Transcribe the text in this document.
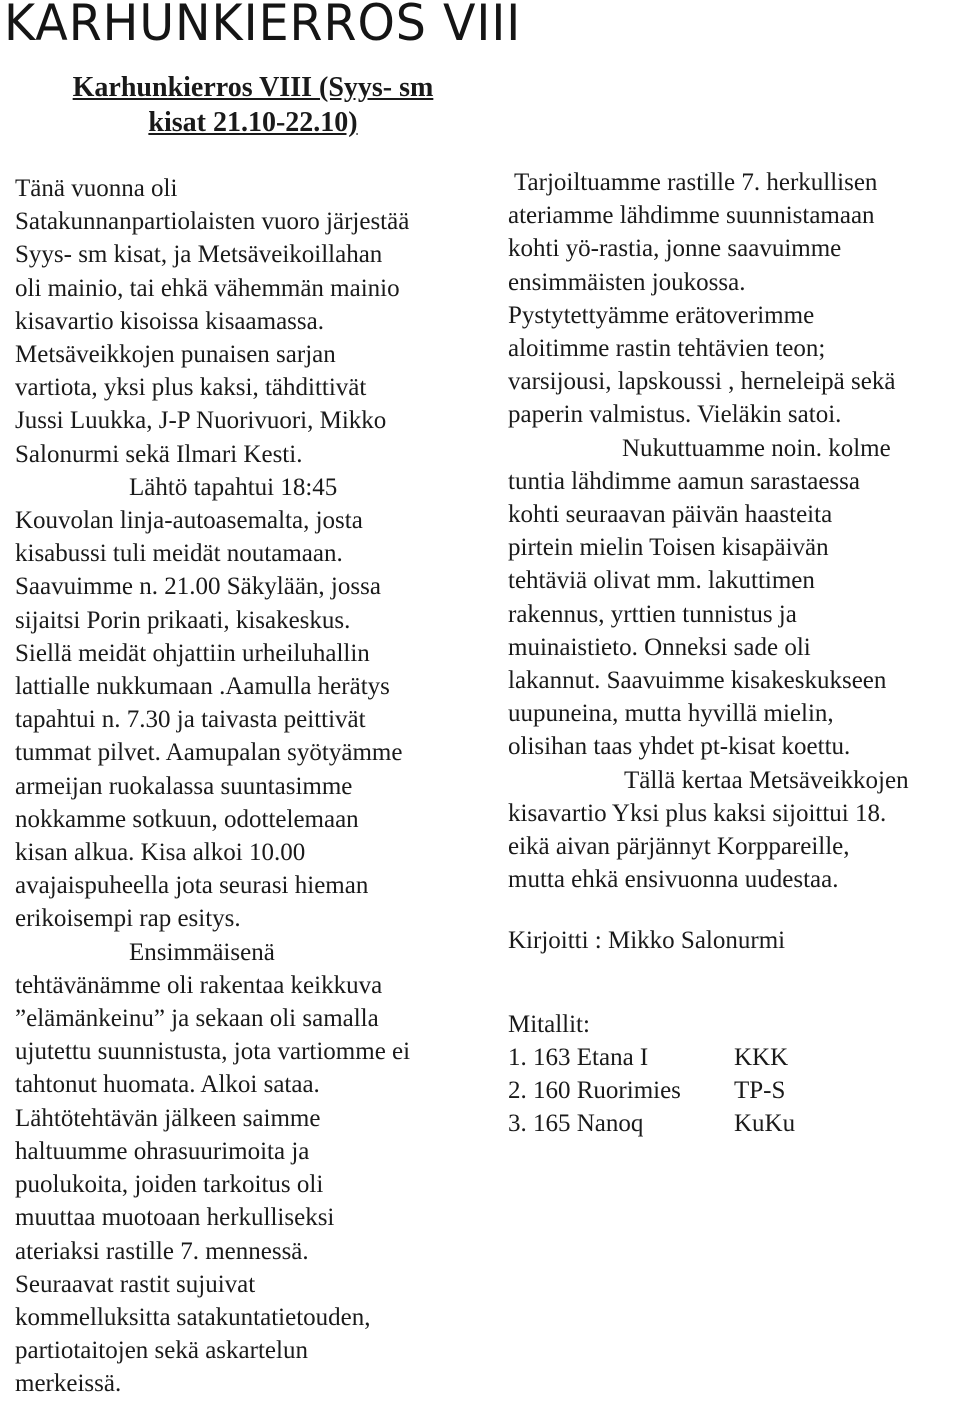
KARHUNKIERROS VIII
Karhunkierros VIII (Syys- sm
kisat 21.10-22.10)
Tänä vuonna oli
Satakunnanpartiolaisten vuoro järjestää
Syys- sm kisat, ja Metsäveikoillahan
oli mainio, tai ehkä vähemmän mainio
kisavartio kisoissa kisaamassa.
Metsäveikkojen punaisen sarjan
vartiota, yksi plus kaksi, tähdittivät
Jussi Luukka, J-P Nuorivuori, Mikko
Salonurmi sekä Ilmari Kesti.
Lähtö tapahtui 18:45
Kouvolan linja-autoasemalta, josta
kisabussi tuli meidät noutamaan.
Saavuimme n. 21.00 Säkylään, jossa
sijaitsi Porin prikaati, kisakeskus.
Siellä meidät ohjattiin urheiluhallin
lattialle nukkumaan .Aamulla herätys
tapahtui n. 7.30 ja taivasta peittivät
tummat pilvet. Aamupalan syötyämme
armeijan ruokalassa suuntasimme
nokkamme sotkuun, odottelemaan
kisan alkua. Kisa alkoi 10.00
avajaispuheella jota seurasi hieman
erikoisempi rap esitys.
Ensimmäisenä
tehtävänämme oli rakentaa keikkuva
”elämänkeinu” ja sekaan oli samalla
ujutettu suunnistusta, jota vartiomme ei
tahtonut huomata. Alkoi sataa.
Lähtötehtävän jälkeen saimme
haltuumme ohrasuurimoita ja
puolukoita, joiden tarkoitus oli
muuttaa muotoaan herkulliseksi
ateriaksi rastille 7. mennessä.
Seuraavat rastit sujuivat
kommelluksitta satakuntatietouden,
partiotaitojen sekä askartelun
merkeissä.
Tarjoiltuamme rastille 7. herkullisen
ateriamme lähdimme suunnistamaan
kohti yö-rastia, jonne saavuimme
ensimmäisten joukossa.
Pystytettyämme erätoverimme
aloitimme rastin tehtävien teon;
varsijousi, lapskoussi , herneleipä sekä
paperin valmistus. Vieläkin satoi.
Nukuttuamme noin. kolme
tuntia lähdimme aamun sarastaessa
kohti seuraavan päivän haasteita
pirtein mielin Toisen kisapäivän
tehtäviä olivat mm. lakuttimen
rakennus, yrttien tunnistus ja
muinaistieto. Onneksi sade oli
lakannut. Saavuimme kisakeskukseen
uupuneina, mutta hyvillä mielin,
olisihan taas yhdet pt-kisat koettu.
Tällä kertaa Metsäveikkojen
kisavartio Yksi plus kaksi sijoittui 18.
eikä aivan pärjännyt Korppareille,
mutta ehkä ensivuonna uudestaa.
Kirjoitti : Mikko Salonurmi
Mitallit:
1. 163 Etana I	KKK
2. 160 Ruorimies	TP-S
3. 165 Nanoq	KuKu
